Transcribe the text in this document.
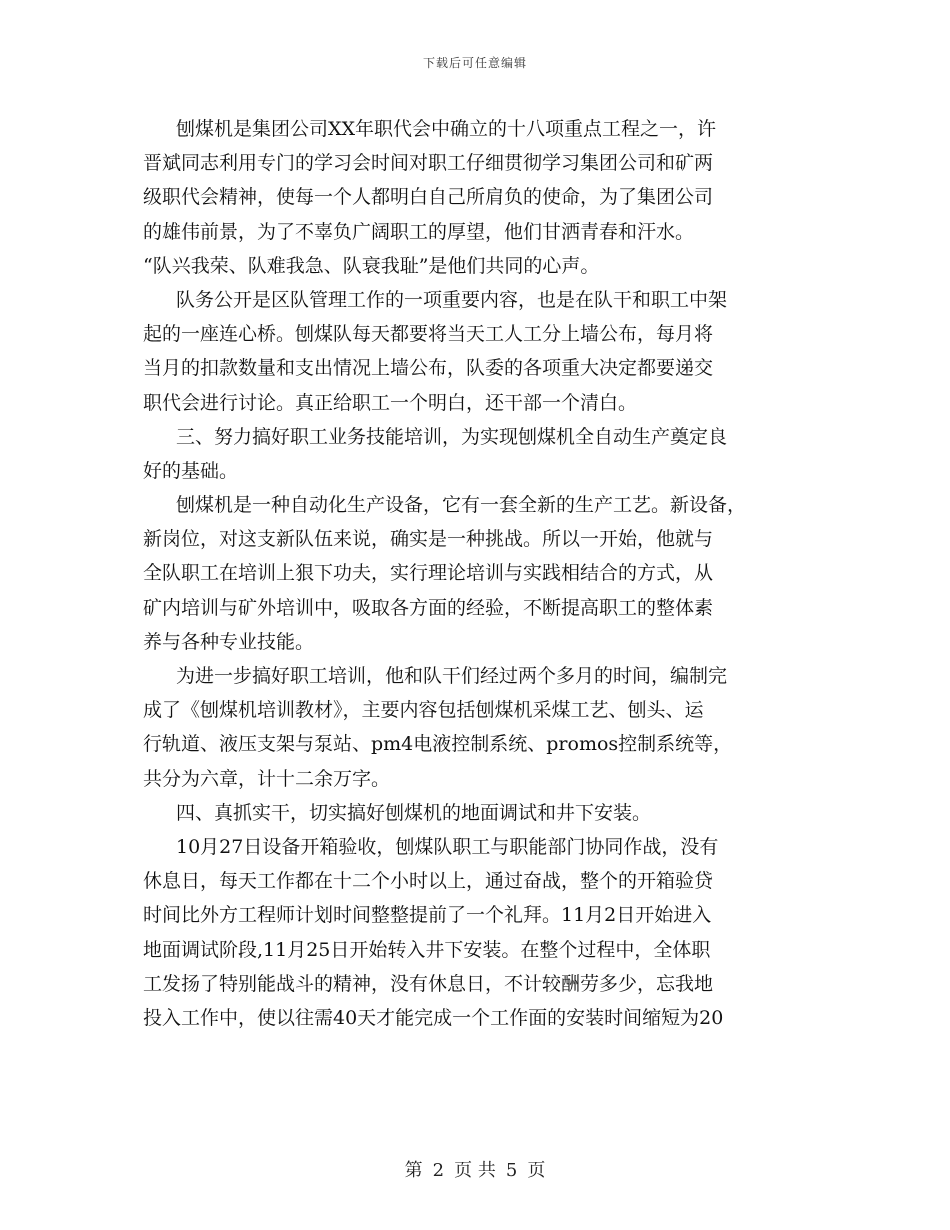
下载后可任意编辑
刨煤机是集团公司XX年职代会中确立的十八项重点工程之一，许
晋斌同志利用专门的学习会时间对职工仔细贯彻学习集团公司和矿两
级职代会精神，使每一个人都明白自己所肩负的使命，为了集团公司
的雄伟前景，为了不辜负广阔职工的厚望，他们甘洒青春和汗水。
“队兴我荣、队难我急、队衰我耻”是他们共同的心声。
队务公开是区队管理工作的一项重要内容，也是在队干和职工中架
起的一座连心桥。刨煤队每天都要将当天工人工分上墙公布，每月将
当月的扣款数量和支出情况上墙公布，队委的各项重大决定都要递交
职代会进行讨论。真正给职工一个明白，还干部一个清白。
三、努力搞好职工业务技能培训，为实现刨煤机全自动生产奠定良
好的基础。
刨煤机是一种自动化生产设备，它有一套全新的生产工艺。新设备，
新岗位，对这支新队伍来说，确实是一种挑战。所以一开始，他就与
全队职工在培训上狠下功夫，实行理论培训与实践相结合的方式，从
矿内培训与矿外培训中，吸取各方面的经验，不断提高职工的整体素
养与各种专业技能。
为进一步搞好职工培训，他和队干们经过两个多月的时间，编制完
成了《刨煤机培训教材》，主要内容包括刨煤机采煤工艺、刨头、运
行轨道、液压支架与泵站、pm4电液控制系统、promos控制系统等，
共分为六章，计十二余万字。
四、真抓实干，切实搞好刨煤机的地面调试和井下安装。
10月27日设备开箱验收，刨煤队职工与职能部门协同作战，没有
休息日，每天工作都在十二个小时以上，通过奋战，整个的开箱验贷
时间比外方工程师计划时间整整提前了一个礼拜。11月2日开始进入
地面调试阶段,11月25日开始转入井下安装。在整个过程中，全体职
工发扬了特别能战斗的精神，没有休息日，不计较酬劳多少，忘我地
投入工作中，使以往需40天才能完成一个工作面的安装时间缩短为20
第 2 页 共 5 页
